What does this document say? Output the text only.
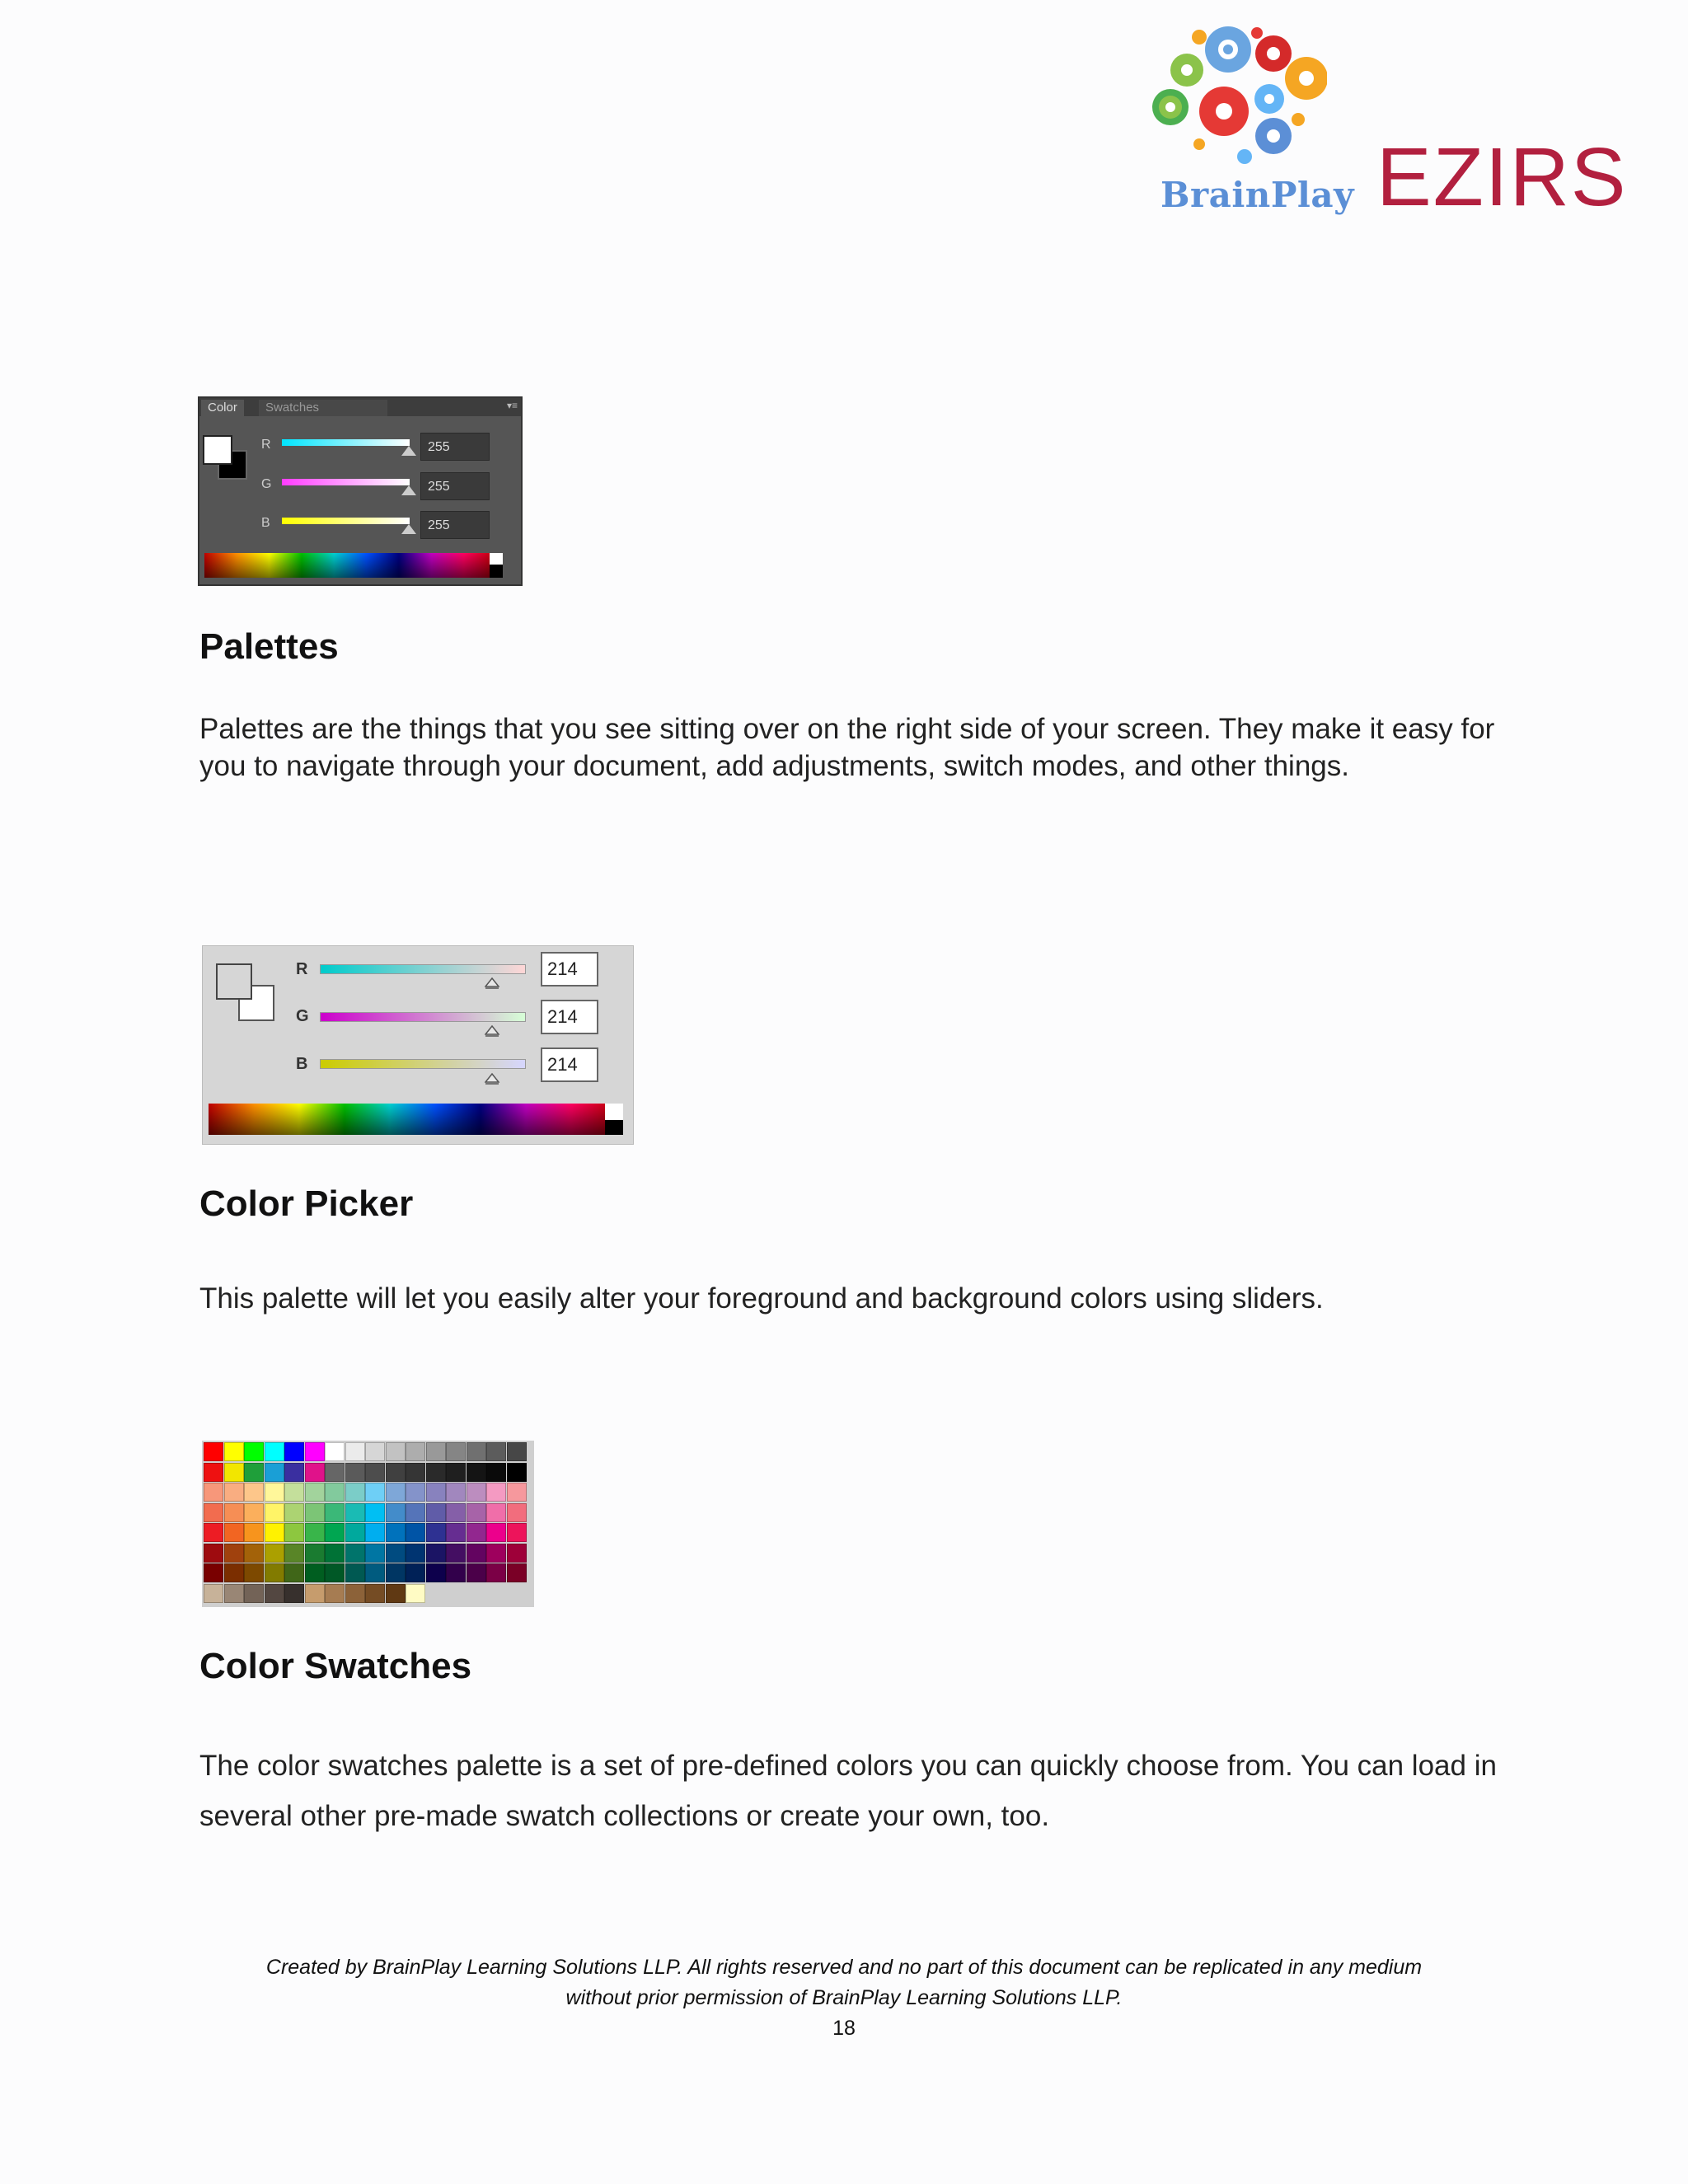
BrainPlay EZIRS
Color	Swatches	▾≡
R	255
G	255
B	255
Palettes
Palettes are the things that you see sitting over on the right side of your screen. They make it easy for you to navigate through your document, add adjustments, switch modes, and other things.
R	214
G	214
B	214
Color Picker
This palette will let you easily alter your foreground and background colors using sliders.
Color Swatches
The color swatches palette is a set of pre-defined colors you can quickly choose from. You can load in several other pre-made swatch collections or create your own, too.
Created by BrainPlay Learning Solutions LLP. All rights reserved and no part of this document can be replicated in any medium
without prior permission of BrainPlay Learning Solutions LLP.
18
